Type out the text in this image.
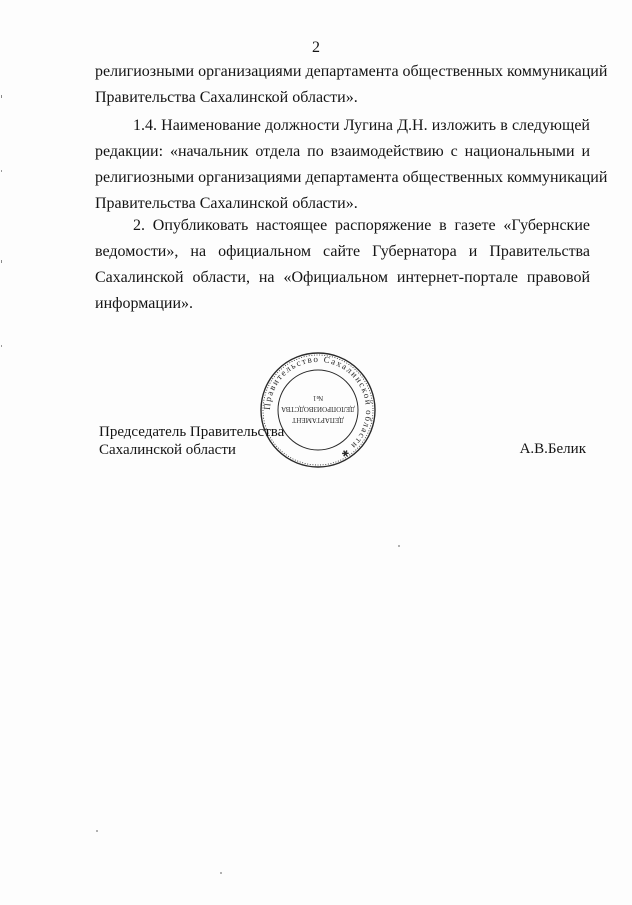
2
религиозными организациями департамента общественных коммуникаций
Правительства Сахалинской области».
1.4. Наименование должности Лугина Д.Н. изложить в следующей
редакции: «начальник отдела по взаимодействию с национальными и
религиозными организациями департамента общественных коммуникаций
Правительства Сахалинской области».
2. Опубликовать настоящее распоряжение в газете «Губернские
ведомости», на официальном сайте Губернатора и Правительства
Сахалинской области, на «Официальном интернет-портале правовой
информации».
Правительство Сахалинской области ✱
ДЕПАРТАМЕНТ
ДЕЛОПРОИЗВОДСТВА
№1
Председатель Правительства
Сахалинской области	А.В.Белик
